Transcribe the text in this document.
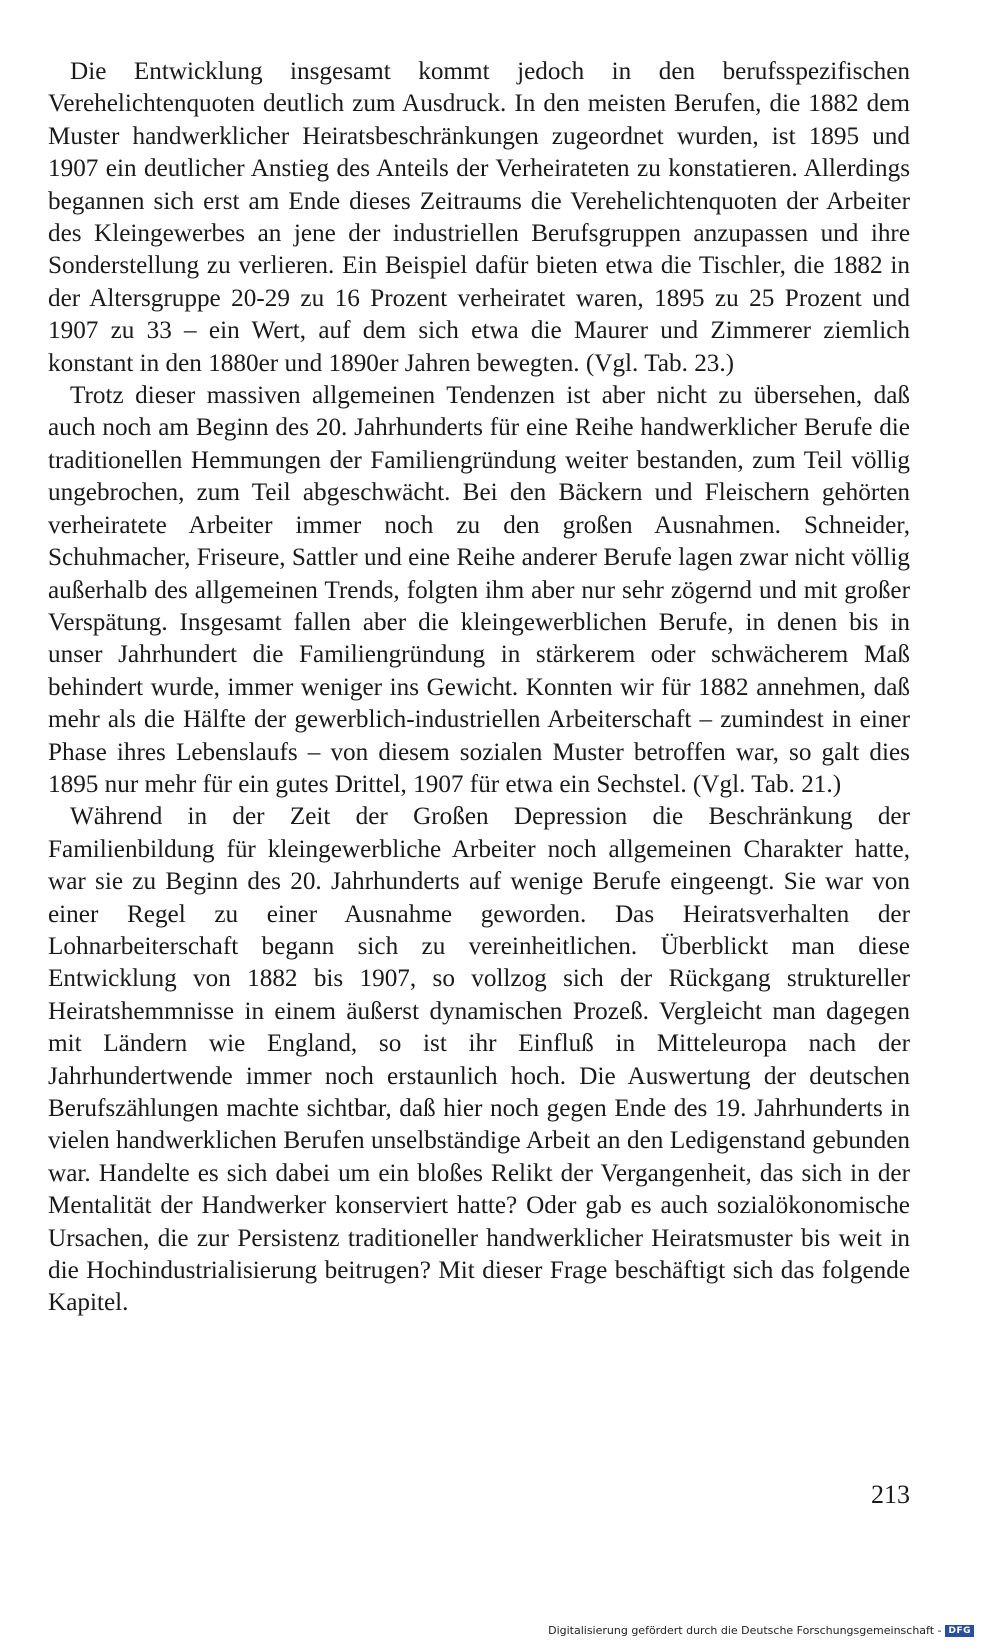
Die Entwicklung insgesamt kommt jedoch in den berufsspezifischen Verehelichtenquoten deutlich zum Ausdruck. In den meisten Berufen, die 1882 dem Muster handwerklicher Heiratsbeschränkungen zugeordnet wurden, ist 1895 und 1907 ein deutlicher Anstieg des Anteils der Verheirateten zu konstatieren. Allerdings begannen sich erst am Ende dieses Zeitraums die Verehelichtenquoten der Arbeiter des Kleingewerbes an jene der industriellen Berufsgruppen anzupassen und ihre Sonderstellung zu verlieren. Ein Beispiel dafür bieten etwa die Tischler, die 1882 in der Altersgruppe 20-29 zu 16 Prozent verheiratet waren, 1895 zu 25 Prozent und 1907 zu 33 – ein Wert, auf dem sich etwa die Maurer und Zimmerer ziemlich konstant in den 1880er und 1890er Jahren bewegten. (Vgl. Tab. 23.)

Trotz dieser massiven allgemeinen Tendenzen ist aber nicht zu übersehen, daß auch noch am Beginn des 20. Jahrhunderts für eine Reihe handwerklicher Berufe die traditionellen Hemmungen der Familiengründung weiter bestanden, zum Teil völlig ungebrochen, zum Teil abgeschwächt. Bei den Bäckern und Fleischern gehörten verheiratete Arbeiter immer noch zu den großen Ausnahmen. Schneider, Schuhmacher, Friseure, Sattler und eine Reihe anderer Berufe lagen zwar nicht völlig außerhalb des allgemeinen Trends, folgten ihm aber nur sehr zögernd und mit großer Verspätung. Insgesamt fallen aber die kleingewerblichen Berufe, in denen bis in unser Jahrhundert die Familiengründung in stärkerem oder schwächerem Maß behindert wurde, immer weniger ins Gewicht. Konnten wir für 1882 annehmen, daß mehr als die Hälfte der gewerblich-industriellen Arbeiterschaft – zumindest in einer Phase ihres Lebenslaufs – von diesem sozialen Muster betroffen war, so galt dies 1895 nur mehr für ein gutes Drittel, 1907 für etwa ein Sechstel. (Vgl. Tab. 21.)

Während in der Zeit der Großen Depression die Beschränkung der Familienbildung für kleingewerbliche Arbeiter noch allgemeinen Charakter hatte, war sie zu Beginn des 20. Jahrhunderts auf wenige Berufe eingeengt. Sie war von einer Regel zu einer Ausnahme geworden. Das Heiratsverhalten der Lohnarbeiterschaft begann sich zu vereinheitlichen. Überblickt man diese Entwicklung von 1882 bis 1907, so vollzog sich der Rückgang struktureller Heiratshemmnisse in einem äußerst dynamischen Prozeß. Vergleicht man dagegen mit Ländern wie England, so ist ihr Einfluß in Mitteleuropa nach der Jahrhundertwende immer noch erstaunlich hoch. Die Auswertung der deutschen Berufszählungen machte sichtbar, daß hier noch gegen Ende des 19. Jahrhunderts in vielen handwerklichen Berufen unselbständige Arbeit an den Ledigenstand gebunden war. Handelte es sich dabei um ein bloßes Relikt der Vergangenheit, das sich in der Mentalität der Handwerker konserviert hatte? Oder gab es auch sozialökonomische Ursachen, die zur Persistenz traditioneller handwerklicher Heiratsmuster bis weit in die Hochindustrialisierung beitrugen? Mit dieser Frage beschäftigt sich das folgende Kapitel.

213
Digitalisierung gefördert durch die Deutsche Forschungsgemeinschaft - DFG
